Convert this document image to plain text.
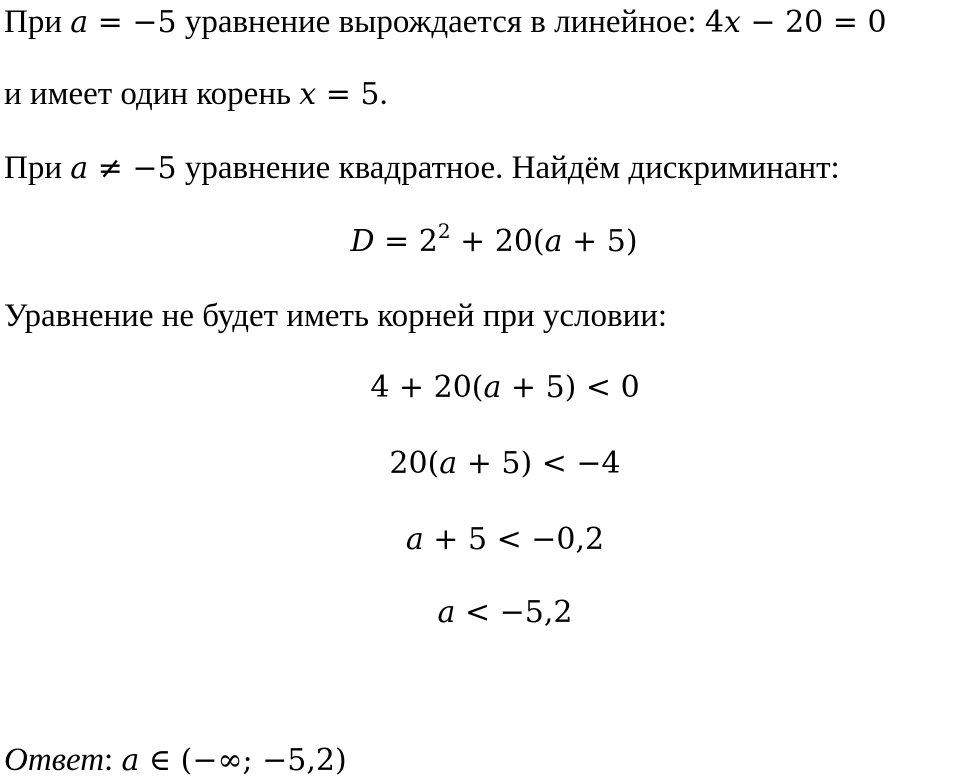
При a = −5 уравнение вырождается в линейное: 4x − 20 = 0
и имеет один корень x = 5.
При a ≠ −5 уравнение квадратное. Найдём дискриминант:
$D = 2^2 + 20(a + 5)$
Уравнение не будет иметь корней при условии:
4 + 20(a + 5) < 0
20(a + 5) < −4
a + 5 < −0,2
a < −5,2
Ответ: a ∈ (−∞; −5,2)
